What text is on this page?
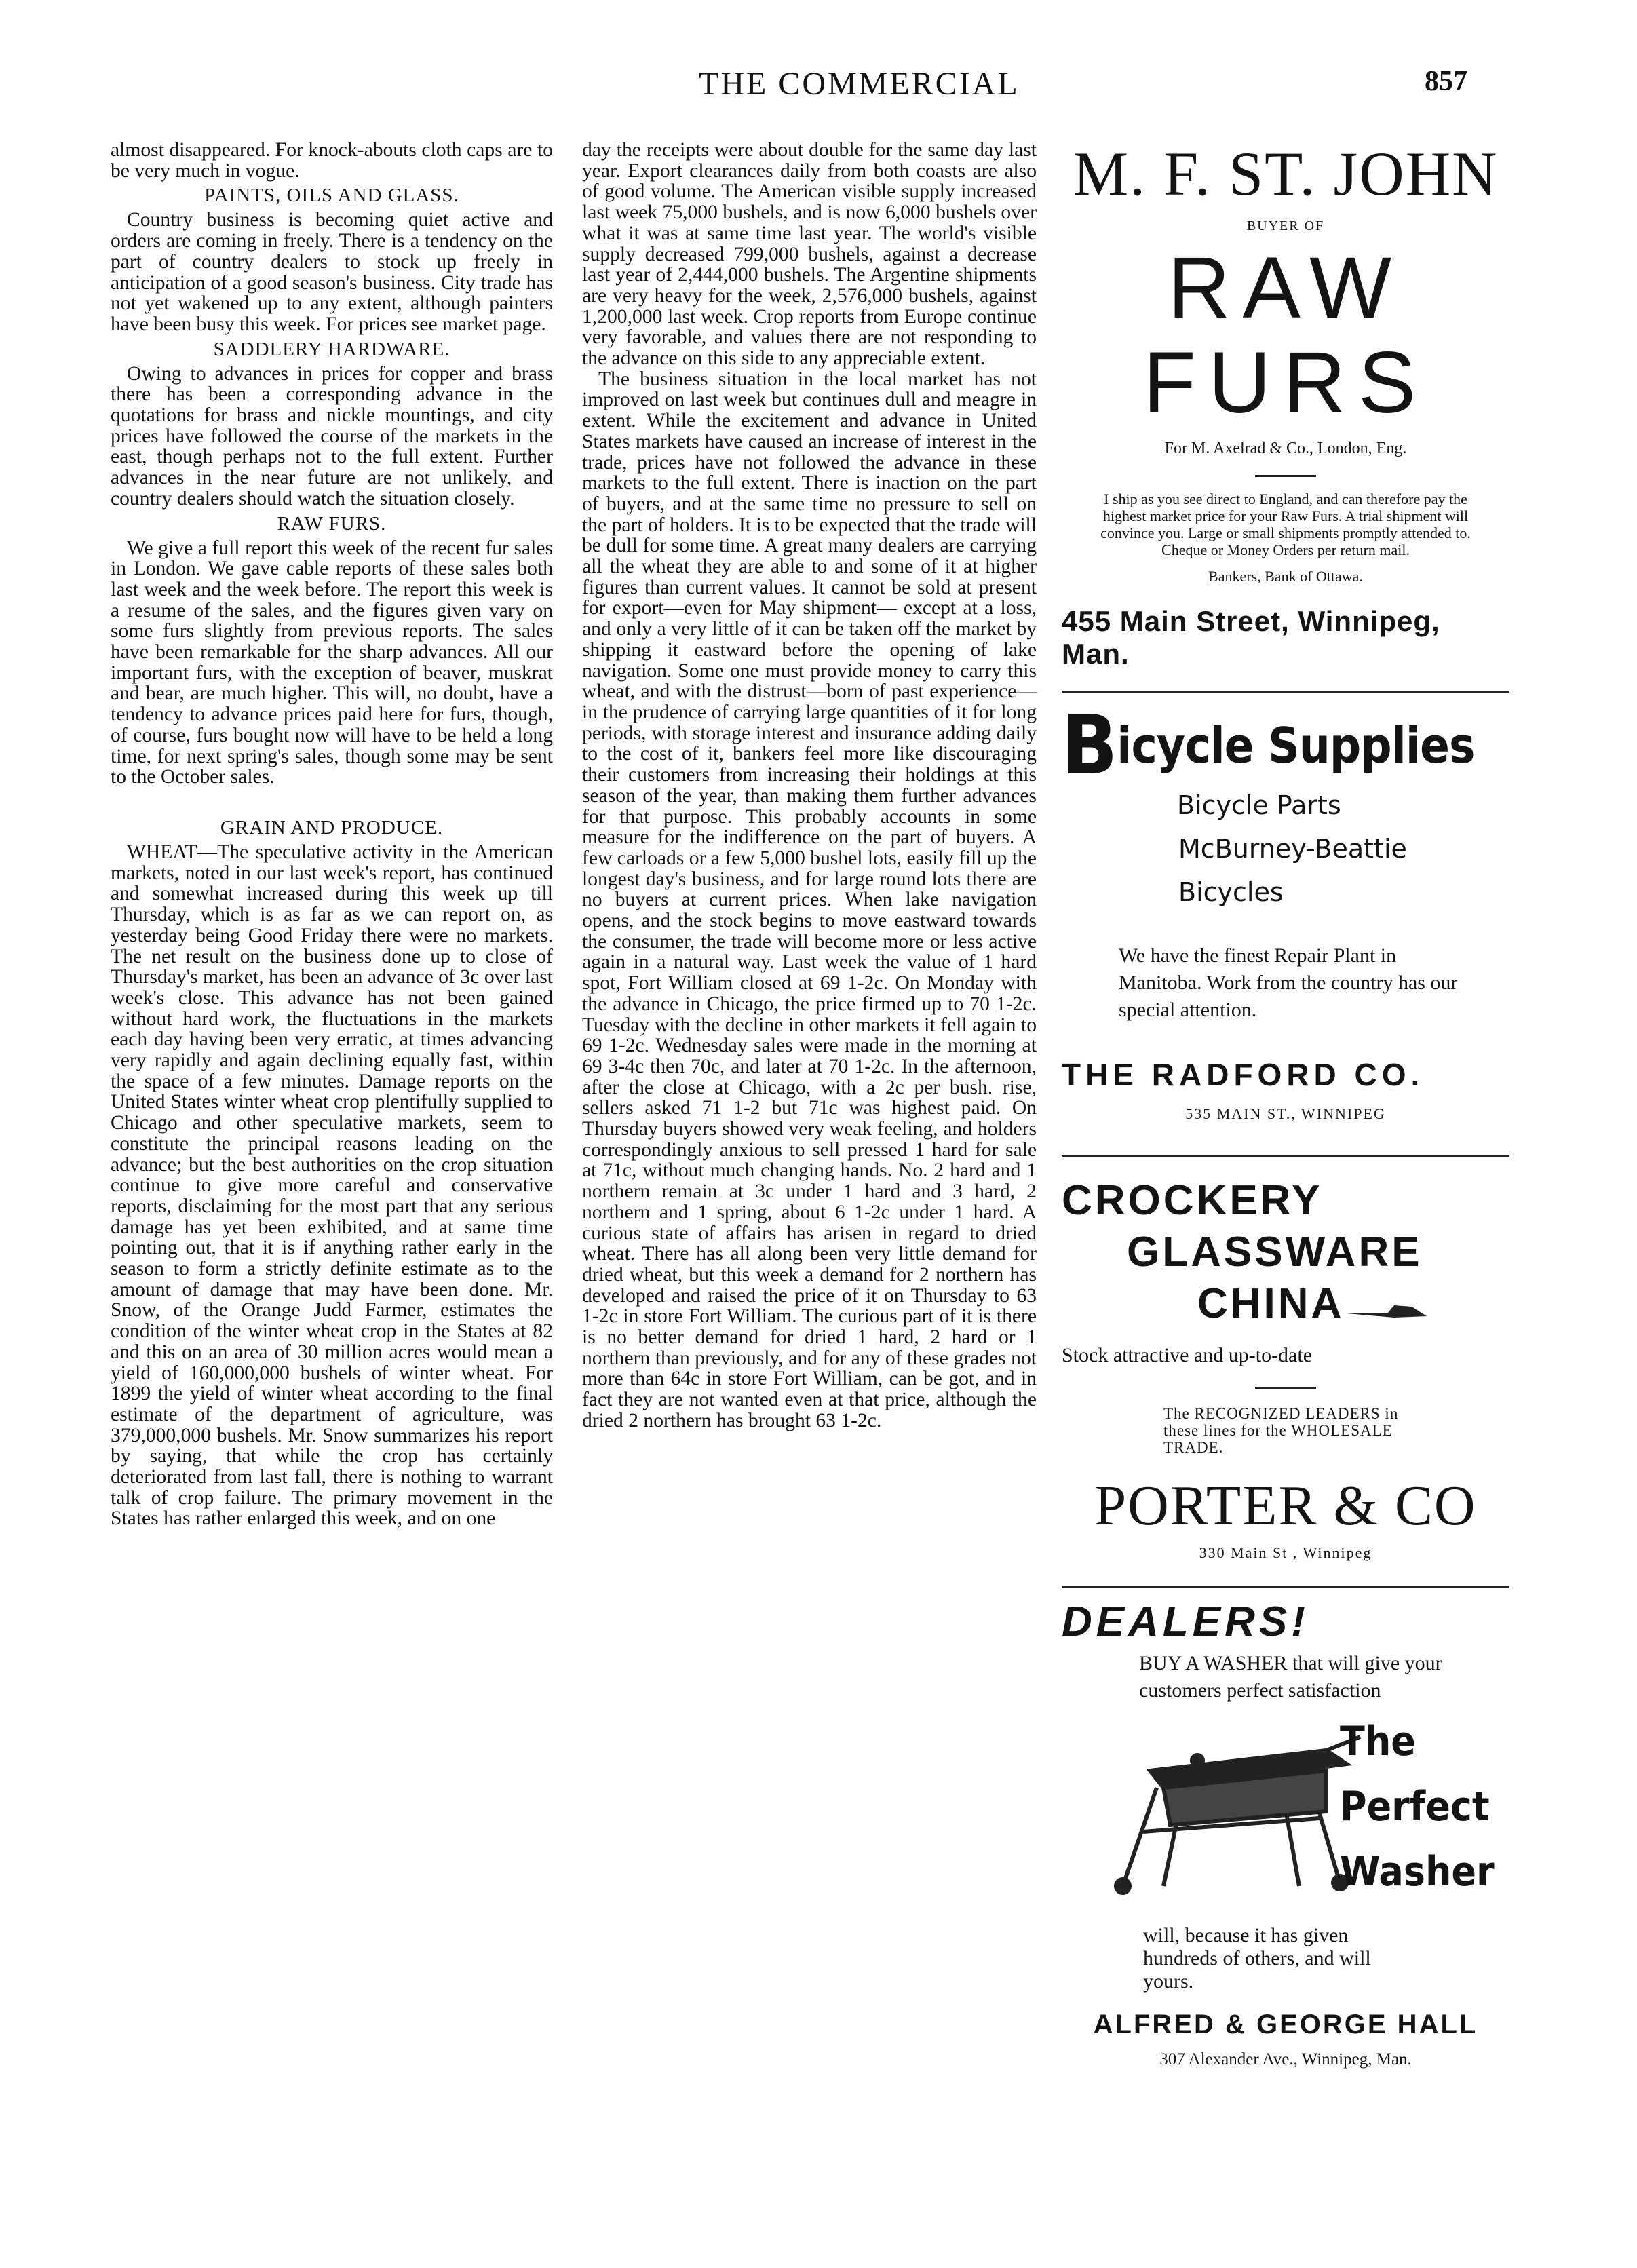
THE COMMERCIAL	857

almost disappeared. For knock-abouts cloth caps are to be very much in vogue.

PAINTS, OILS AND GLASS.

Country business is becoming quiet active and orders are coming in freely. There is a tendency on the part of country dealers to stock up freely in anticipation of a good season's business. City trade has not yet wakened up to any extent, although painters have been busy this week. For prices see market page.

SADDLERY HARDWARE.

Owing to advances in prices for copper and brass there has been a corresponding advance in the quotations for brass and nickle mountings, and city prices have followed the course of the markets in the east, though perhaps not to the full extent. Further advances in the near future are not unlikely, and country dealers should watch the situation closely.

RAW FURS.

We give a full report this week of the recent fur sales in London. We gave cable reports of these sales both last week and the week before. The report this week is a resume of the sales, and the figures given vary on some furs slightly from previous reports. The sales have been remarkable for the sharp advances. All our important furs, with the exception of beaver, muskrat and bear, are much higher. This will, no doubt, have a tendency to advance prices paid here for furs, though, of course, furs bought now will have to be held a long time, for next spring's sales, though some may be sent to the October sales.

GRAIN AND PRODUCE.

WHEAT—The speculative activity in the American markets, noted in our last week's report, has continued and somewhat increased during this week up till Thursday, which is as far as we can report on, as yesterday being Good Friday there were no markets. The net result on the business done up to close of Thursday's market, has been an advance of 3c over last week's close. This advance has not been gained without hard work, the fluctuations in the markets each day having been very erratic, at times advancing very rapidly and again declining equally fast, within the space of a few minutes. Damage reports on the United States winter wheat crop plentifully supplied to Chicago and other speculative markets, seem to constitute the principal reasons leading on the advance; but the best authorities on the crop situation continue to give more careful and conservative reports, disclaiming for the most part that any serious damage has yet been exhibited, and at same time pointing out, that it is if anything rather early in the season to form a strictly definite estimate as to the amount of damage that may have been done. Mr. Snow, of the Orange Judd Farmer, estimates the condition of the winter wheat crop in the States at 82 and this on an area of 30 million acres would mean a yield of 160,000,000 bushels of winter wheat. For 1899 the yield of winter wheat according to the final estimate of the department of agriculture, was 379,000,000 bushels. Mr. Snow summarizes his report by saying, that while the crop has certainly deteriorated from last fall, there is nothing to warrant talk of crop failure. The primary movement in the States has rather enlarged this week, and on one

day the receipts were about double for the same day last year. Export clearances daily from both coasts are also of good volume. The American visible supply increased last week 75,000 bushels, and is now 6,000 bushels over what it was at same time last year. The world's visible supply decreased 799,000 bushels, against a decrease last year of 2,444,000 bushels. The Argentine shipments are very heavy for the week, 2,576,000 bushels, against 1,200,000 last week. Crop reports from Europe continue very favorable, and values there are not responding to the advance on this side to any appreciable extent.

The business situation in the local market has not improved on last week but continues dull and meagre in extent. While the excitement and advance in United States markets have caused an increase of interest in the trade, prices have not followed the advance in these markets to the full extent. There is inaction on the part of buyers, and at the same time no pressure to sell on the part of holders. It is to be expected that the trade will be dull for some time. A great many dealers are carrying all the wheat they are able to and some of it at higher figures than current values. It cannot be sold at present for export—even for May shipment— except at a loss, and only a very little of it can be taken off the market by shipping it eastward before the opening of lake navigation. Some one must provide money to carry this wheat, and with the distrust—born of past experience— in the prudence of carrying large quantities of it for long periods, with storage interest and insurance adding daily to the cost of it, bankers feel more like discouraging their customers from increasing their holdings at this season of the year, than making them further advances for that purpose. This probably accounts in some measure for the indifference on the part of buyers. A few carloads or a few 5,000 bushel lots, easily fill up the longest day's business, and for large round lots there are no buyers at current prices. When lake navigation opens, and the stock begins to move eastward towards the consumer, the trade will become more or less active again in a natural way. Last week the value of 1 hard spot, Fort William closed at 69 1-2c. On Monday with the advance in Chicago, the price firmed up to 70 1-2c. Tuesday with the decline in other markets it fell again to 69 1-2c. Wednesday sales were made in the morning at 69 3-4c then 70c, and later at 70 1-2c. In the afternoon, after the close at Chicago, with a 2c per bush. rise, sellers asked 71 1-2 but 71c was highest paid. On Thursday buyers showed very weak feeling, and holders correspondingly anxious to sell pressed 1 hard for sale at 71c, without much changing hands. No. 2 hard and 1 northern remain at 3c under 1 hard and 3 hard, 2 northern and 1 spring, about 6 1-2c under 1 hard. A curious state of affairs has arisen in regard to dried wheat. There has all along been very little demand for dried wheat, but this week a demand for 2 northern has developed and raised the price of it on Thursday to 63 1-2c in store Fort William. The curious part of it is there is no better demand for dried 1 hard, 2 hard or 1 northern than previously, and for any of these grades not more than 64c in store Fort William, can be got, and in fact they are not wanted even at that price, although the dried 2 northern has brought 63 1-2c.

M. F. ST. JOHN
BUYER OF
RAW FURS
For M. Axelrad & Co., London, Eng.
I ship as you see direct to England, and can therefore pay the highest market price for your Raw Furs. A trial shipment will convince you. Large or small shipments promptly attended to. Cheque or Money Orders per return mail.
Bankers, Bank of Ottawa.
455 Main Street, Winnipeg, Man.
Bicycle Supplies
Bicycle Parts
McBurney-Beattie Bicycles
We have the finest Repair Plant in Manitoba. Work from the country has our special attention.
THE RADFORD CO.
535 MAIN ST., WINNIPEG
CROCKERY
GLASSWARE
CHINA
Stock attractive and up-to-date
The RECOGNIZED LEADERS in these lines for the WHOLESALE TRADE.
PORTER & CO
330 Main St , Winnipeg
DEALERS!
BUY A WASHER that will give your customers perfect satisfaction
The
Perfect
Washer
will, because it has given hundreds of others, and will yours.
ALFRED & GEORGE HALL
307 Alexander Ave., Winnipeg, Man.
